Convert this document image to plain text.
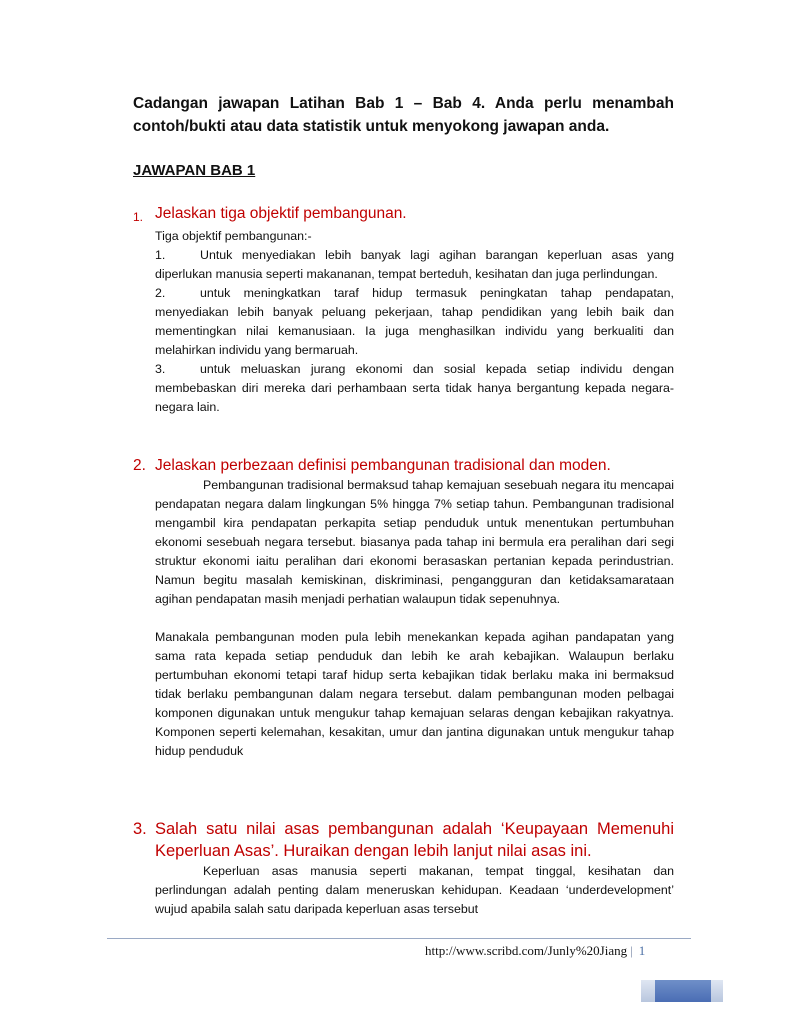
Cadangan jawapan Latihan Bab 1 – Bab 4. Anda perlu menambah contoh/bukti atau data statistik untuk menyokong jawapan anda.

JAWAPAN BAB 1

1. Jelaskan tiga objektif pembangunan.

Tiga objektif pembangunan:-

1.	Untuk menyediakan lebih banyak lagi agihan barangan keperluan asas yang diperlukan manusia seperti makananan, tempat berteduh, kesihatan dan juga perlindungan.

2.	untuk meningkatkan taraf hidup termasuk peningkatan tahap pendapatan, menyediakan lebih banyak peluang pekerjaan, tahap pendidikan yang lebih baik dan mementingkan nilai kemanusiaan. Ia juga menghasilkan individu yang berkualiti dan melahirkan individu yang bermaruah.

3.	untuk meluaskan jurang ekonomi dan sosial kepada setiap individu dengan membebaskan diri mereka dari perhambaan serta tidak hanya bergantung kepada negara-negara lain.

2. Jelaskan perbezaan definisi pembangunan tradisional dan moden.

Pembangunan tradisional bermaksud tahap kemajuan sesebuah negara itu mencapai pendapatan negara dalam lingkungan 5% hingga 7% setiap tahun. Pembangunan tradisional mengambil kira pendapatan perkapita setiap penduduk untuk menentukan pertumbuhan ekonomi sesebuah negara tersebut. biasanya pada tahap ini bermula era peralihan dari segi struktur ekonomi iaitu peralihan dari ekonomi berasaskan pertanian kepada perindustrian. Namun begitu masalah kemiskinan, diskriminasi, pengangguran dan ketidaksamarataan agihan pendapatan masih menjadi perhatian walaupun tidak sepenuhnya.

Manakala pembangunan moden pula lebih menekankan kepada agihan pandapatan yang sama rata kepada setiap penduduk dan lebih ke arah kebajikan. Walaupun berlaku pertumbuhan ekonomi tetapi taraf hidup serta kebajikan tidak berlaku maka ini bermaksud tidak berlaku pembangunan dalam negara tersebut. dalam pembangunan moden pelbagai komponen digunakan untuk mengukur tahap kemajuan selaras dengan kebajikan rakyatnya. Komponen seperti kelemahan, kesakitan, umur dan jantina digunakan untuk mengukur tahap hidup penduduk

3. Salah satu nilai asas pembangunan adalah ‘Keupayaan Memenuhi Keperluan Asas’. Huraikan dengan lebih lanjut nilai asas ini.

Keperluan asas manusia seperti makanan, tempat tinggal, kesihatan dan perlindungan adalah penting dalam meneruskan kehidupan. Keadaan ‘underdevelopment’ wujud apabila salah satu daripada keperluan asas tersebut

http://www.scribd.com/Junly%20Jiang | 1
